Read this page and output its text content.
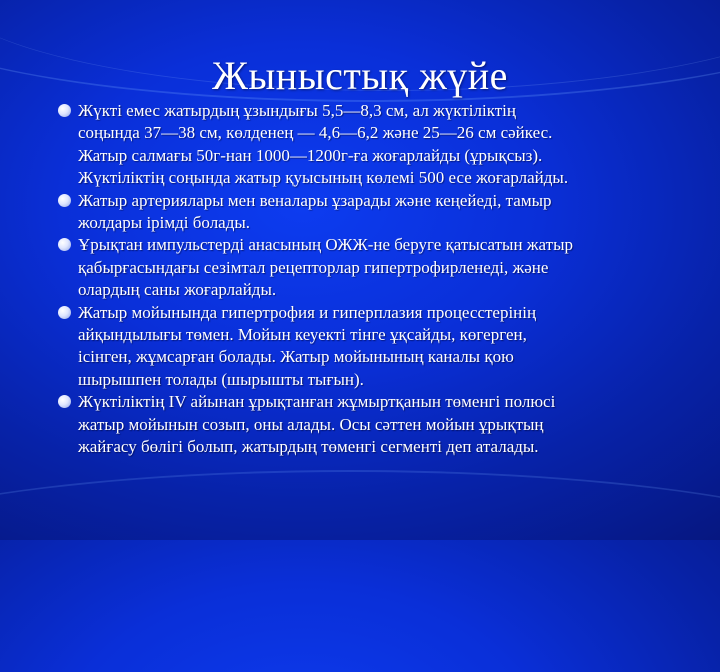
Жыныстық жүйе
Жүкті емес жатырдың ұзындығы 5,5—8,3 см, ал жүктіліктің
соңында 37—38 см, көлденең — 4,6—6,2 және 25—26 см сәйкес.
Жатыр салмағы 50г-нан 1000—1200г-ға жоғарлайды (ұрықсыз).
Жүктіліктің соңында жатыр қуысының көлемі 500 есе жоғарлайды.
Жатыр артериялары мен веналары ұзарады және кеңейеді, тамыр
жолдары ірімді болады.
Ұрықтан импульстерді анасының ОЖЖ-не беруге қатысатын жатыр
қабырғасындағы сезімтал рецепторлар гипертрофирленеді, және
олардың саны жоғарлайды.
Жатыр мойынында гипертрофия и гиперплазия процесстерінің
айқындылығы төмен. Мойын кеуекті тінге ұқсайды, көгерген,
ісінген, жұмсарған болады. Жатыр мойынының каналы қою
шырышпен толады (шырышты тығын).
Жүктіліктің IV айынан ұрықтанған жұмыртқанын төменгі полюсі
жатыр мойынын созып, оны алады. Осы сәттен мойын ұрықтың
жайғасу бөлігі болып, жатырдың төменгі сегменті деп аталады.
